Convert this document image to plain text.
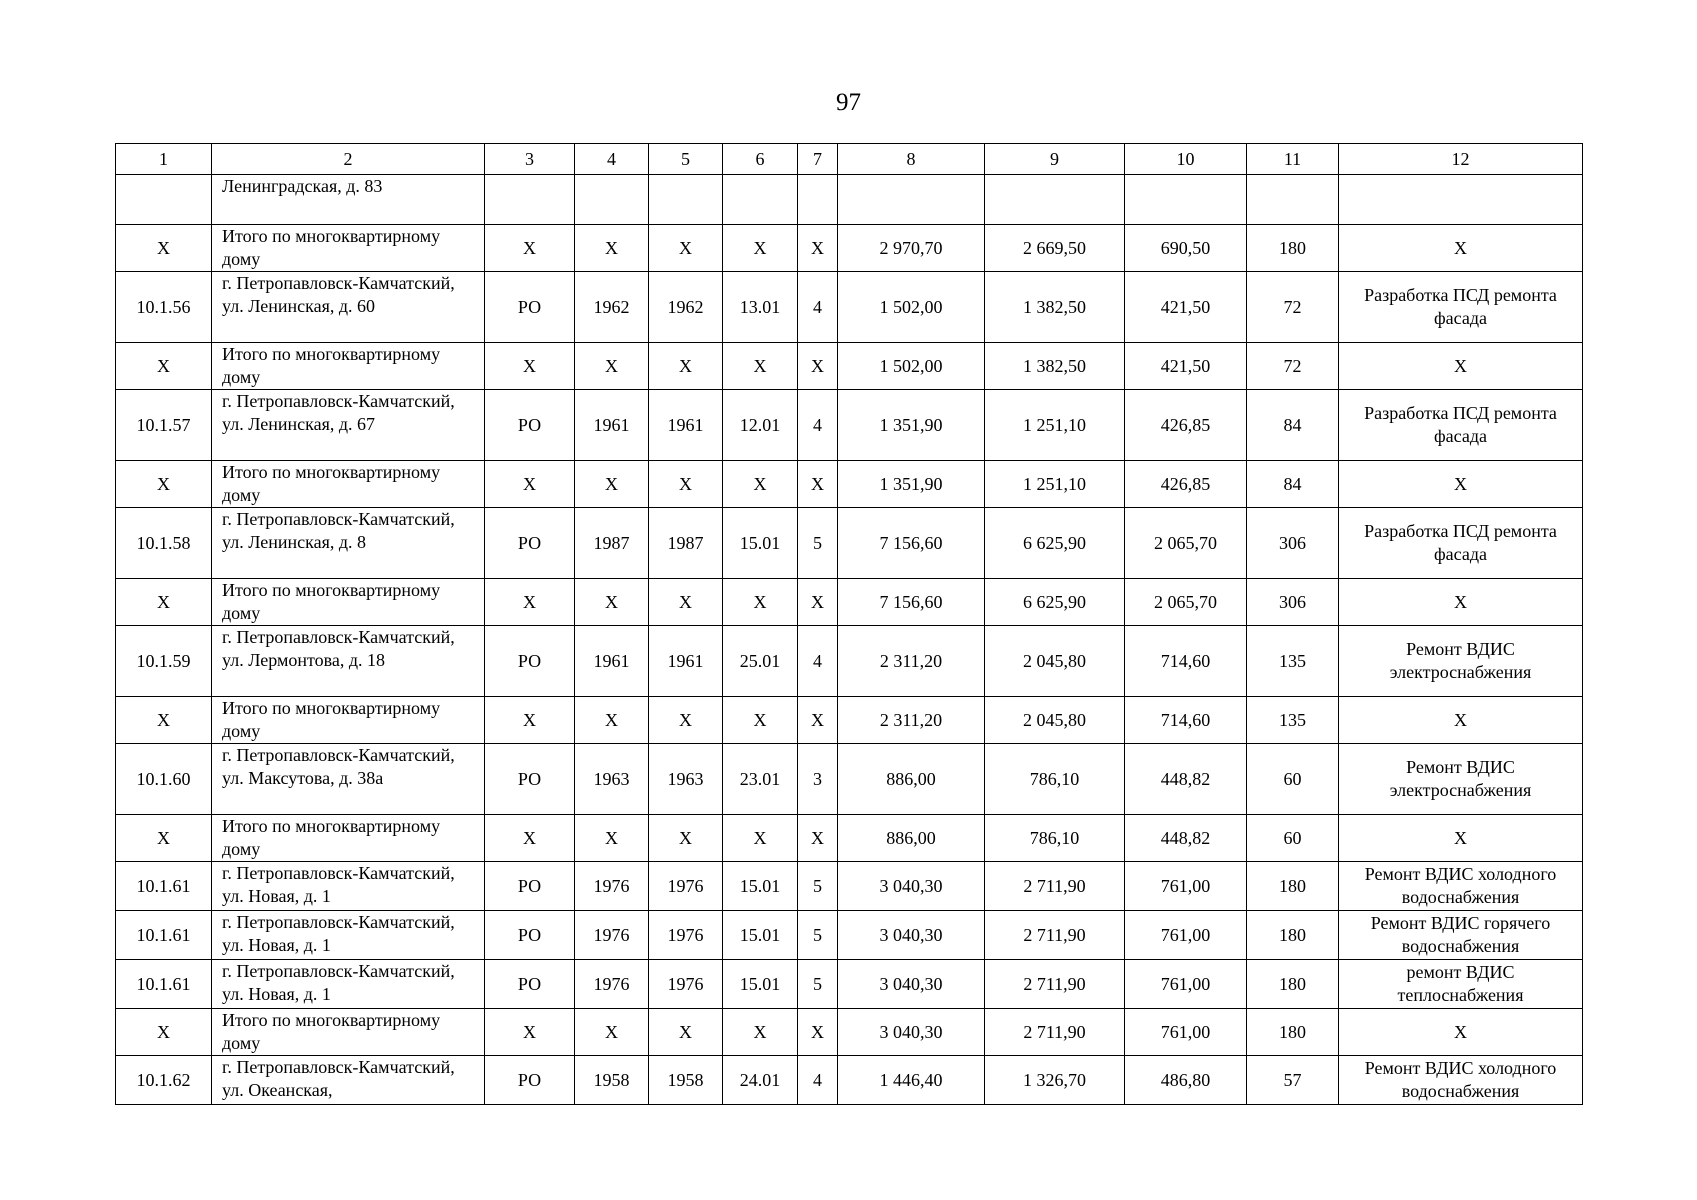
97
1	2	3	4	5	6	7	8	9	10	11	12
	Ленинградская, д. 83										
X	Итого по многоквартирному дому	X	X	X	X	X	2 970,70	2 669,50	690,50	180	X
10.1.56	г. Петропавловск-Камчатский, ул. Ленинская, д. 60	РО	1962	1962	13.01	4	1 502,00	1 382,50	421,50	72	Разработка ПСД ремонта фасада
X	Итого по многоквартирному дому	X	X	X	X	X	1 502,00	1 382,50	421,50	72	X
10.1.57	г. Петропавловск-Камчатский, ул. Ленинская, д. 67	РО	1961	1961	12.01	4	1 351,90	1 251,10	426,85	84	Разработка ПСД ремонта фасада
X	Итого по многоквартирному дому	X	X	X	X	X	1 351,90	1 251,10	426,85	84	X
10.1.58	г. Петропавловск-Камчатский, ул. Ленинская, д. 8	РО	1987	1987	15.01	5	7 156,60	6 625,90	2 065,70	306	Разработка ПСД ремонта фасада
X	Итого по многоквартирному дому	X	X	X	X	X	7 156,60	6 625,90	2 065,70	306	X
10.1.59	г. Петропавловск-Камчатский, ул. Лермонтова, д. 18	РО	1961	1961	25.01	4	2 311,20	2 045,80	714,60	135	Ремонт ВДИС электроснабжения
X	Итого по многоквартирному дому	X	X	X	X	X	2 311,20	2 045,80	714,60	135	X
10.1.60	г. Петропавловск-Камчатский, ул. Максутова, д. 38а	РО	1963	1963	23.01	3	886,00	786,10	448,82	60	Ремонт ВДИС электроснабжения
X	Итого по многоквартирному дому	X	X	X	X	X	886,00	786,10	448,82	60	X
10.1.61	г. Петропавловск-Камчатский, ул. Новая, д. 1	РО	1976	1976	15.01	5	3 040,30	2 711,90	761,00	180	Ремонт ВДИС холодного водоснабжения
10.1.61	г. Петропавловск-Камчатский, ул. Новая, д. 1	РО	1976	1976	15.01	5	3 040,30	2 711,90	761,00	180	Ремонт ВДИС горячего водоснабжения
10.1.61	г. Петропавловск-Камчатский, ул. Новая, д. 1	РО	1976	1976	15.01	5	3 040,30	2 711,90	761,00	180	ремонт ВДИС теплоснабжения
X	Итого по многоквартирному дому	X	X	X	X	X	3 040,30	2 711,90	761,00	180	X
10.1.62	г. Петропавловск-Камчатский, ул. Океанская,	РО	1958	1958	24.01	4	1 446,40	1 326,70	486,80	57	Ремонт ВДИС холодного водоснабжения
